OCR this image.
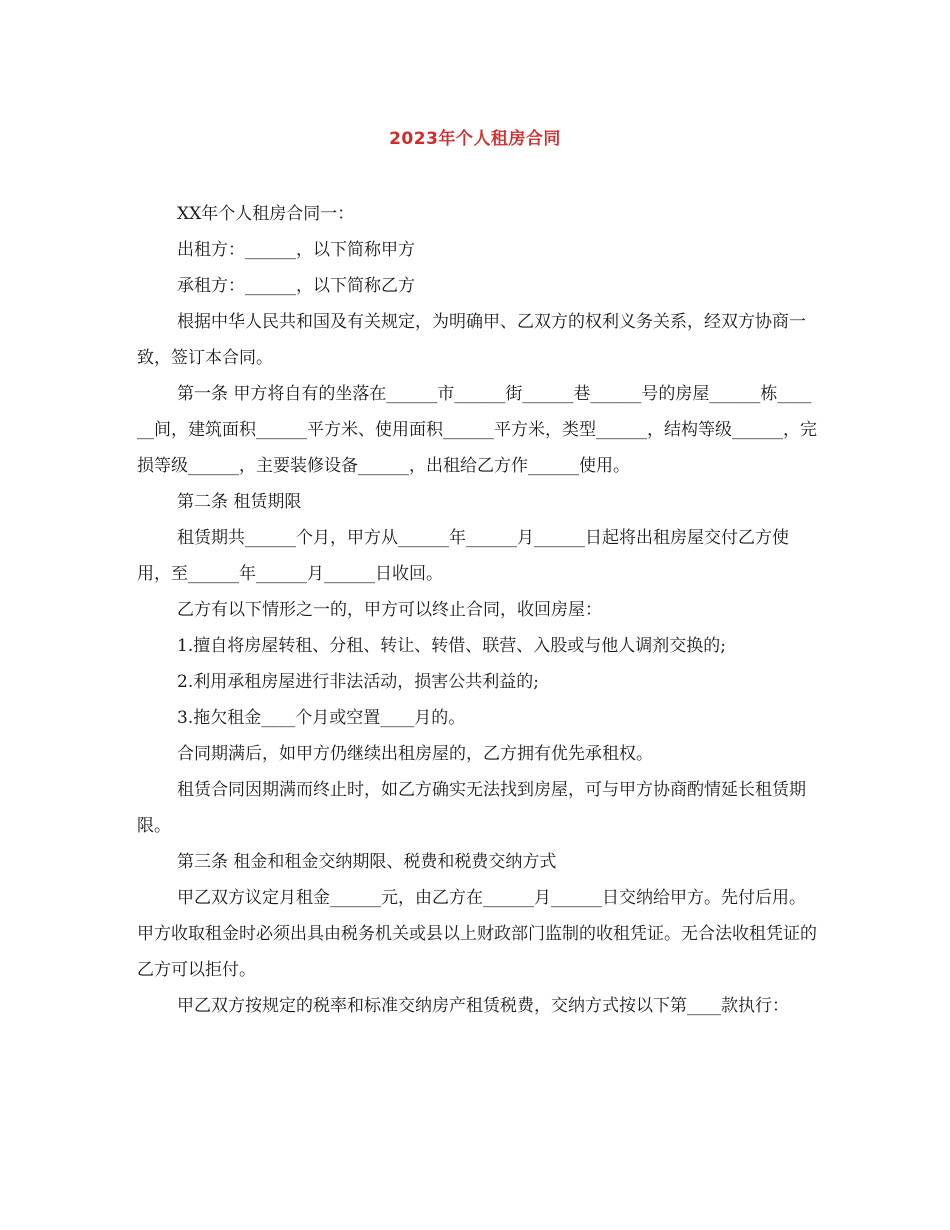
2023年个人租房合同

XX年个人租房合同一：

出租方：______，以下简称甲方

承租方：______，以下简称乙方

根据中华人民共和国及有关规定，为明确甲、乙双方的权利义务关系，经双方协商一致，签订本合同。

第一条 甲方将自有的坐落在______市______街______巷______号的房屋______栋______间，建筑面积______平方米、使用面积______平方米，类型______，结构等级______，完损等级______，主要装修设备______，出租给乙方作______使用。

第二条 租赁期限

租赁期共______个月，甲方从______年______月______日起将出租房屋交付乙方使用，至______年______月______日收回。

乙方有以下情形之一的，甲方可以终止合同，收回房屋：

1.擅自将房屋转租、分租、转让、转借、联营、入股或与他人调剂交换的;

2.利用承租房屋进行非法活动，损害公共利益的;

3.拖欠租金____个月或空置____月的。

合同期满后，如甲方仍继续出租房屋的，乙方拥有优先承租权。

租赁合同因期满而终止时，如乙方确实无法找到房屋，可与甲方协商酌情延长租赁期限。

第三条 租金和租金交纳期限、税费和税费交纳方式

甲乙双方议定月租金______元，由乙方在______月______日交纳给甲方。先付后用。甲方收取租金时必须出具由税务机关或县以上财政部门监制的收租凭证。无合法收租凭证的乙方可以拒付。

甲乙双方按规定的税率和标准交纳房产租赁税费，交纳方式按以下第____款执行：
